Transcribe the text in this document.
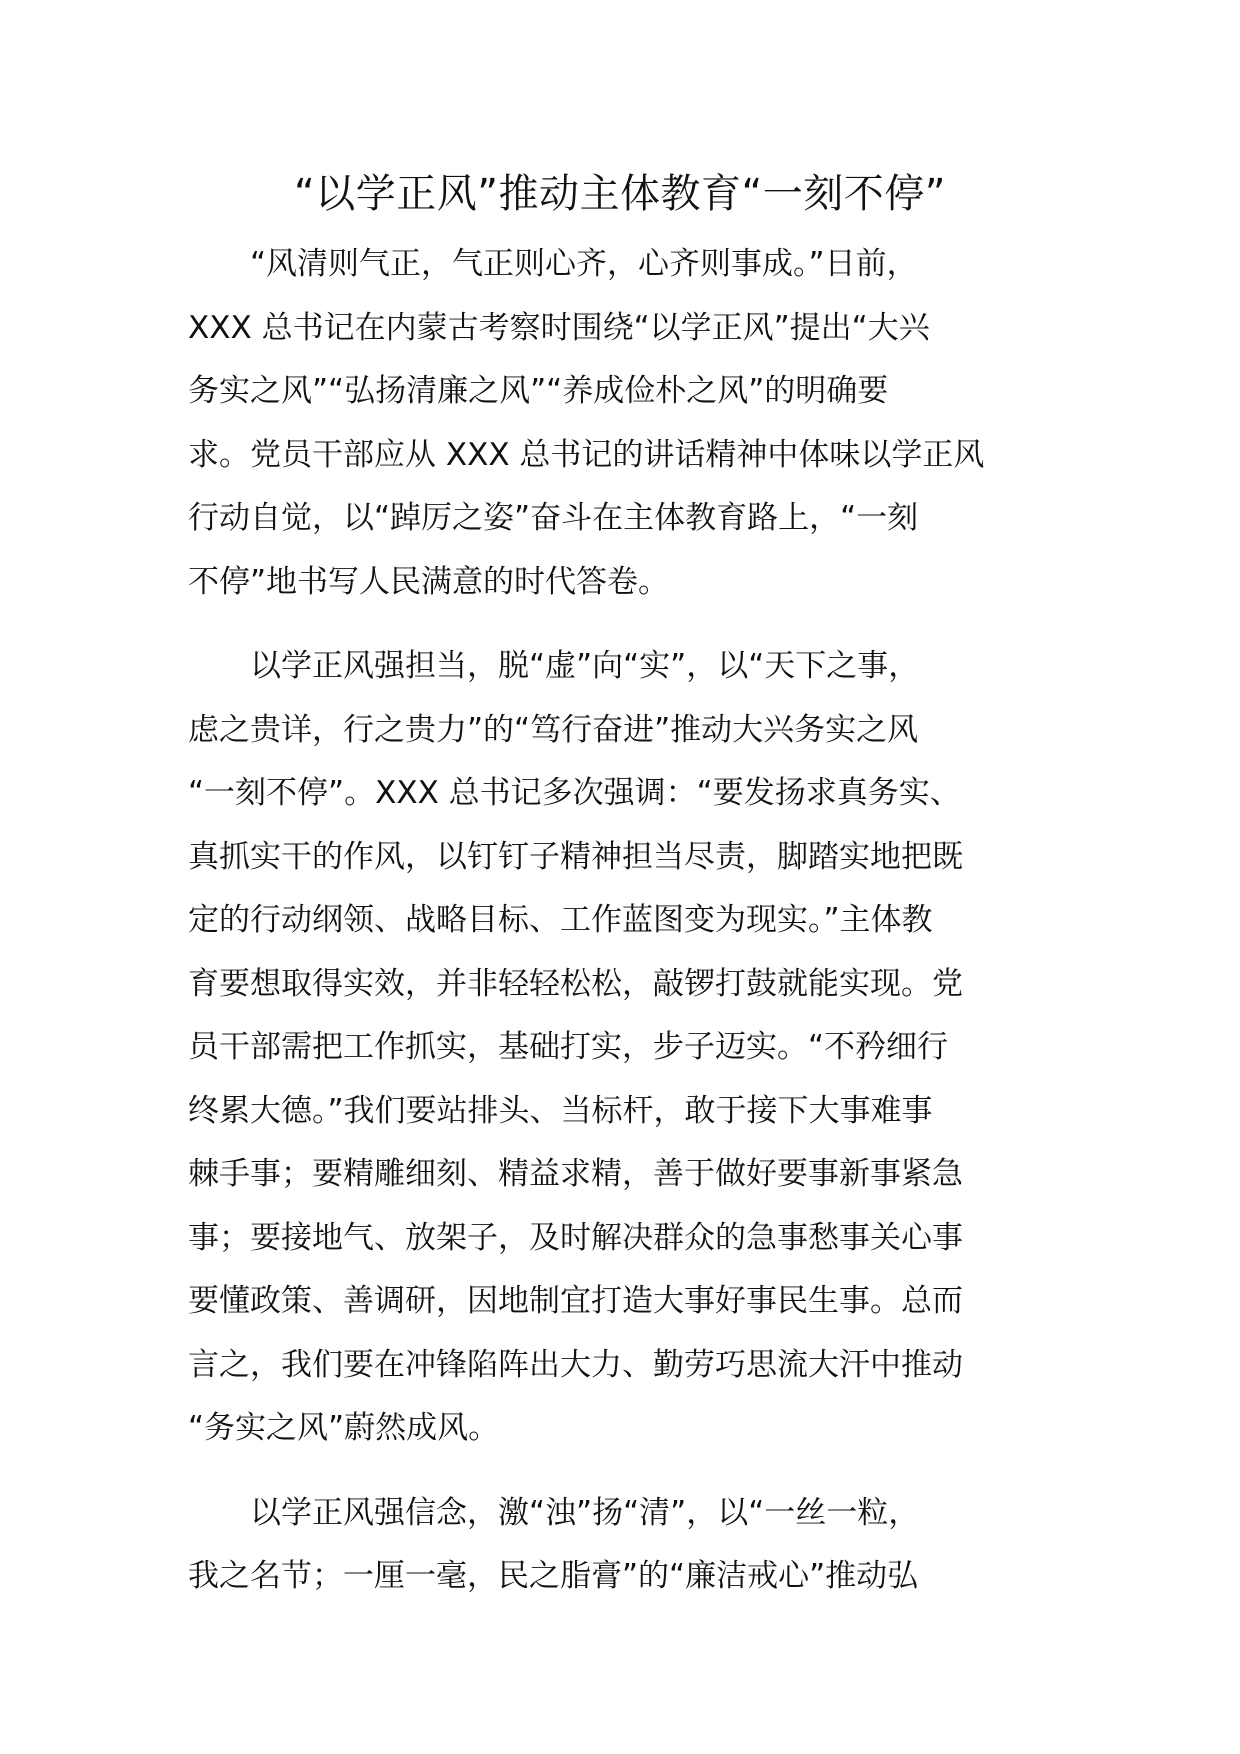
“以学正风”推动主体教育“一刻不停”

　　“风清则气正，气正则心齐，心齐则事成。”日前，
XXX 总书记在内蒙古考察时围绕“以学正风”提出“大兴
务实之风”“弘扬清廉之风”“养成俭朴之风”的明确要
求。党员干部应从 XXX 总书记的讲话精神中体味以学正风
行动自觉，以“踔厉之姿”奋斗在主体教育路上，“一刻
不停”地书写人民满意的时代答卷。

　　以学正风强担当，脱“虚”向“实”，以“天下之事，
虑之贵详，行之贵力”的“笃行奋进”推动大兴务实之风
“一刻不停”。XXX 总书记多次强调：“要发扬求真务实、
真抓实干的作风，以钉钉子精神担当尽责，脚踏实地把既
定的行动纲领、战略目标、工作蓝图变为现实。”主体教
育要想取得实效，并非轻轻松松，敲锣打鼓就能实现。党
员干部需把工作抓实，基础打实，步子迈实。“不矜细行
终累大德。”我们要站排头、当标杆，敢于接下大事难事
棘手事；要精雕细刻、精益求精，善于做好要事新事紧急
事；要接地气、放架子，及时解决群众的急事愁事关心事
要懂政策、善调研，因地制宜打造大事好事民生事。总而
言之，我们要在冲锋陷阵出大力、勤劳巧思流大汗中推动
“务实之风”蔚然成风。

　　以学正风强信念，激“浊”扬“清”，以“一丝一粒，
我之名节；一厘一毫，民之脂膏”的“廉洁戒心”推动弘
